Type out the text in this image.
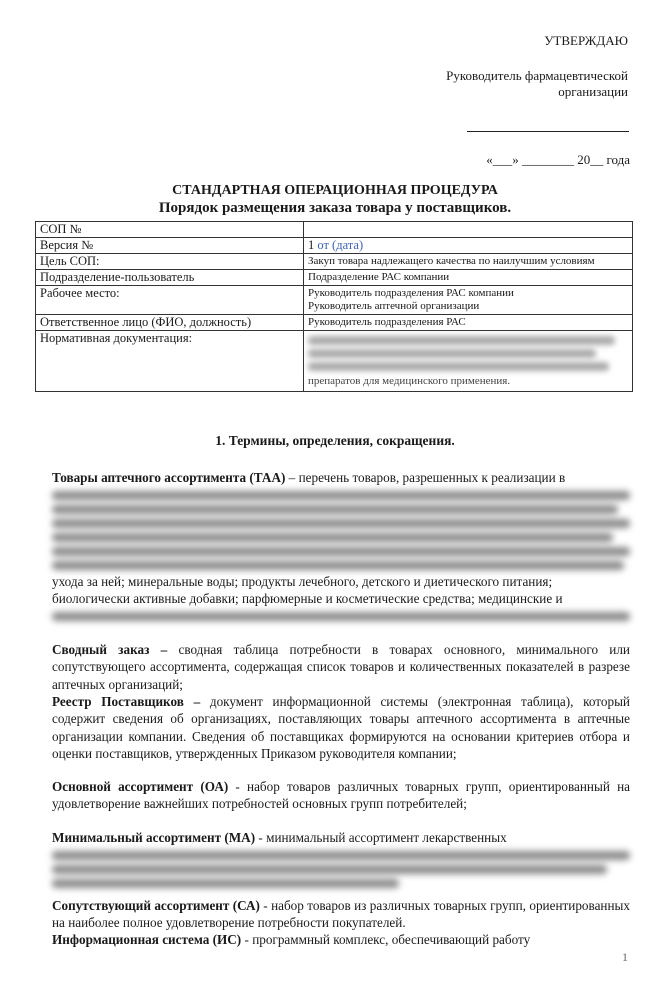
УТВЕРЖДАЮ
Руководитель фармацевтической
организации
«___» ________ 20__ года
СТАНДАРТНАЯ ОПЕРАЦИОННАЯ ПРОЦЕДУРА
Порядок размещения заказа товара у поставщиков.
СОП №	
Версия №	1 от (дата)
Цель СОП:	Закуп товара надлежащего качества по наилучшим условиям
Подразделение-пользователь	Подразделение РАС компании
Рабочее место:	Руководитель подразделения РАС компании
Руководитель аптечной организации

Ответственное лицо (ФИО, должность)	Руководитель подразделения РАС
Нормативная документация:	препаратов для медицинского применения.
1. Термины, определения, сокращения.
Товары аптечного ассортимента (ТАА) – перечень товаров, разрешенных к реализации в
ухода за ней; минеральные воды; продукты лечебного, детского и диетического питания;
биологически активные добавки; парфюмерные и косметические средства; медицинские и
Сводный заказ – сводная таблица потребности в товарах основного, минимального или сопутствующего ассортимента, содержащая список товаров и количественных показателей в разрезе аптечных организаций;
Реестр Поставщиков – документ информационной системы (электронная таблица), который содержит сведения об организациях, поставляющих товары аптечного ассортимента в аптечные организации компании. Сведения об поставщиках формируются на основании критериев отбора и оценки поставщиков, утвержденных Приказом руководителя компании;
Основной ассортимент (ОА) - набор товаров различных товарных групп, ориентированный на удовлетворение важнейших потребностей основных групп потребителей;
Минимальный ассортимент (МА) - минимальный ассортимент лекарственных
Сопутствующий ассортимент (СА) - набор товаров из различных товарных групп, ориентированных на наиболее полное удовлетворение потребности покупателей.
Информационная система (ИС) - программный комплекс, обеспечивающий работу
1
